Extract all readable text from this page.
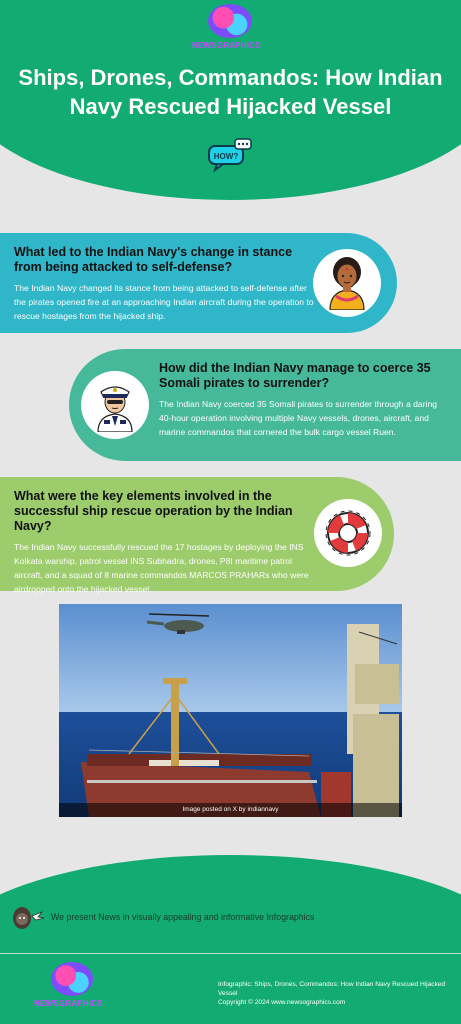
NEWSGRAPHICS
Ships, Drones, Commandos: How Indian Navy Rescued Hijacked Vessel
HOW?
What led to the Indian Navy's change in stance from being attacked to self-defense?

The Indian Navy changed its stance from being attacked to self-defense after the pirates opened fire at an approaching Indian aircraft during the operation to rescue hostages from the hijacked ship.

How did the Indian Navy manage to coerce 35 Somali pirates to surrender?

The Indian Navy coerced 35 Somali pirates to surrender through a daring 40-hour operation involving multiple Navy vessels, drones, aircraft, and marine commandos that cornered the bulk cargo vessel Ruen.

What were the key elements involved in the successful ship rescue operation by the Indian Navy?

The Indian Navy successfully rescued the 17 hostages by deploying the INS Kolkata warship, patrol vessel INS Subhadra, drones, P8I maritime patrol aircraft, and a squad of 8 marine commandos MARCOS PRAHARs who were airdropped onto the hijacked vessel.

Image posted on X by indiannavy
We present News in visually appealing and informative Infographics
NEWSGRAPHICS
Infographic: Ships, Drones, Commandos: How Indian Navy Rescued Hijacked Vessel
Copyright © 2024 www.newsographics.com
